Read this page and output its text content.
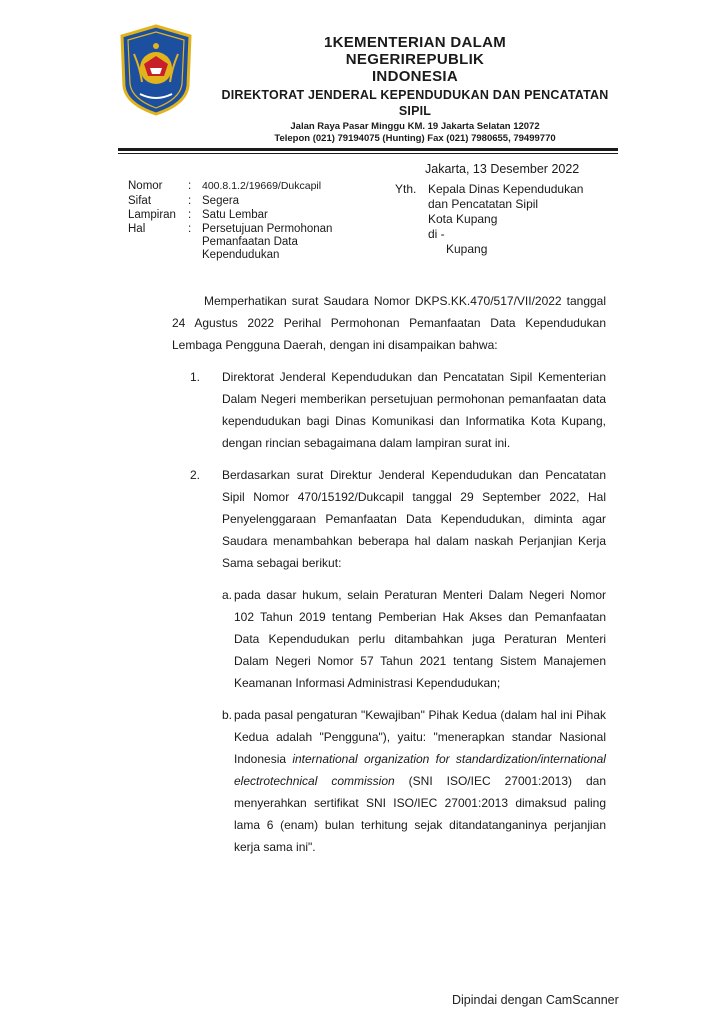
1KEMENTERIAN DALAM
NEGERIREPUBLIK
INDONESIA
DIREKTORAT JENDERAL KEPENDUDUKAN DAN PENCATATAN SIPIL
Jalan Raya Pasar Minggu KM. 19 Jakarta Selatan 12072
Telepon (021) 79194075 (Hunting) Fax (021) 7980655, 79499770
Jakarta, 13 Desember 2022
Nomor	: 400.8.1.2/19669/Dukcapil
Sifat	: Segera
Lampiran	: Satu Lembar
Hal	: Persetujuan Permohonan Pemanfaatan Data Kependudukan
Yth. Kepala Dinas Kependudukan
dan Pencatatan Sipil
Kota Kupang
di -
Kupang
Memperhatikan surat Saudara Nomor DKPS.KK.470/517/VII/2022 tanggal 24 Agustus 2022 Perihal Permohonan Pemanfaatan Data Kependudukan Lembaga Pengguna Daerah, dengan ini disampaikan bahwa:
1. Direktorat Jenderal Kependudukan dan Pencatatan Sipil Kementerian Dalam Negeri memberikan persetujuan permohonan pemanfaatan data kependudukan bagi Dinas Komunikasi dan Informatika Kota Kupang, dengan rincian sebagaimana dalam lampiran surat ini.
2. Berdasarkan surat Direktur Jenderal Kependudukan dan Pencatatan Sipil Nomor 470/15192/Dukcapil tanggal 29 September 2022, Hal Penyelenggaraan Pemanfaatan Data Kependudukan, diminta agar Saudara menambahkan beberapa hal dalam naskah Perjanjian Kerja Sama sebagai berikut:
a. pada dasar hukum, selain Peraturan Menteri Dalam Negeri Nomor 102 Tahun 2019 tentang Pemberian Hak Akses dan Pemanfaatan Data Kependudukan perlu ditambahkan juga Peraturan Menteri Dalam Negeri Nomor 57 Tahun 2021 tentang Sistem Manajemen Keamanan Informasi Administrasi Kependudukan;
b. pada pasal pengaturan "Kewajiban" Pihak Kedua (dalam hal ini Pihak Kedua adalah "Pengguna"), yaitu: "menerapkan standar Nasional Indonesia international organization for standardization/international electrotechnical commission (SNI ISO/IEC 27001:2013) dan menyerahkan sertifikat SNI ISO/IEC 27001:2013 dimaksud paling lama 6 (enam) bulan terhitung sejak ditandatanganinya perjanjian kerja sama ini".
Dipindai dengan CamScanner
